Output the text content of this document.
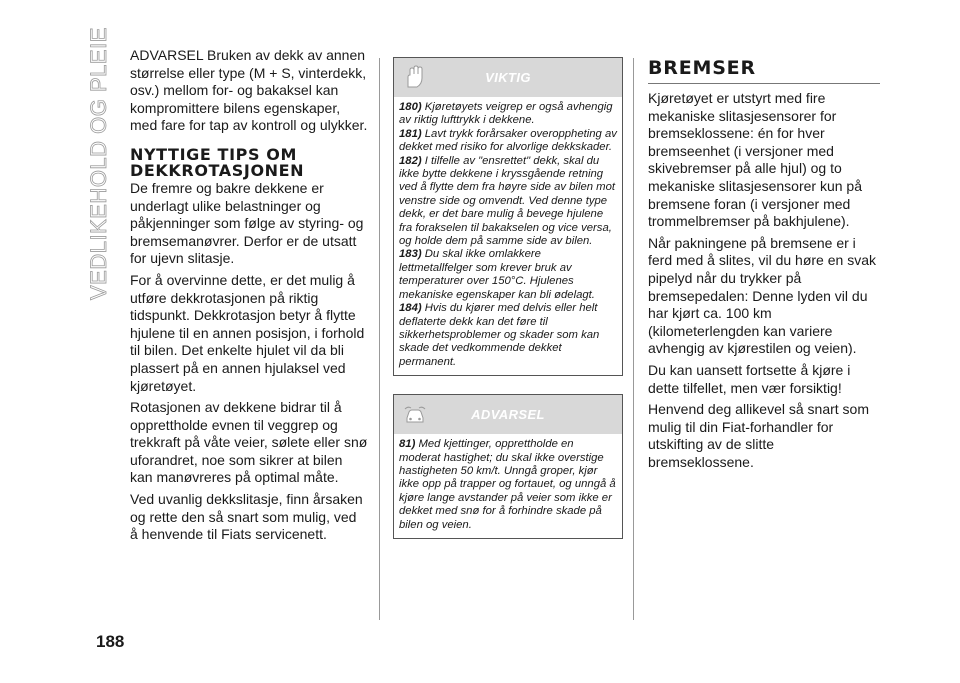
VEDLIKEHOLD OG PLEIE
188

ADVARSEL Bruken av dekk av annen størrelse eller type (M + S, vinterdekk, osv.) mellom for- og bakaksel kan kompromittere bilens egenskaper, med fare for tap av kontroll og ulykker.

NYTTIGE TIPS OM DEKKROTASJONEN

De fremre og bakre dekkene er underlagt ulike belastninger og påkjenninger som følge av styring- og bremsemanøvrer. Derfor er de utsatt for ujevn slitasje.

For å overvinne dette, er det mulig å utføre dekkrotasjonen på riktig tidspunkt. Dekkrotasjon betyr å flytte hjulene til en annen posisjon, i forhold til bilen. Det enkelte hjulet vil da bli plassert på en annen hjulaksel ved kjøretøyet.

Rotasjonen av dekkene bidrar til å opprettholde evnen til veggrep og trekkraft på våte veier, sølete eller snø uforandret, noe som sikrer at bilen kan manøvreres på optimal måte.

Ved uvanlig dekkslitasje, finn årsaken og rette den så snart som mulig, ved å henvende til Fiats servicenett.

VIKTIG

180) Kjøretøyets veigrep er også avhengig av riktig lufttrykk i dekkene.

181) Lavt trykk forårsaker overoppheting av dekket med risiko for alvorlige dekkskader.

182) I tilfelle av "ensrettet" dekk, skal du ikke bytte dekkene i kryssgående retning ved å flytte dem fra høyre side av bilen mot venstre side og omvendt. Ved denne type dekk, er det bare mulig å bevege hjulene fra forakselen til bakakselen og vice versa, og holde dem på samme side av bilen.

183) Du skal ikke omlakkere lettmetallfelger som krever bruk av temperaturer over 150°C. Hjulenes mekaniske egenskaper kan bli ødelagt.

184) Hvis du kjører med delvis eller helt deflaterte dekk kan det føre til sikkerhetsproblemer og skader som kan skade det vedkommende dekket permanent.

ADVARSEL

81) Med kjettinger, opprettholde en moderat hastighet; du skal ikke overstige hastigheten 50 km/t. Unngå groper, kjør ikke opp på trapper og fortauet, og unngå å kjøre lange avstander på veier som ikke er dekket med snø for å forhindre skade på bilen og veien.

BREMSER

Kjøretøyet er utstyrt med fire mekaniske slitasjesensorer for bremseklossene: én for hver bremseenhet (i versjoner med skivebremser på alle hjul) og to mekaniske slitasjesensorer kun på bremsene foran (i versjoner med trommelbremser på bakhjulene).

Når pakningene på bremsene er i ferd med å slites, vil du høre en svak pipelyd når du trykker på bremsepedalen: Denne lyden vil du har kjørt ca. 100 km (kilometerlengden kan variere avhengig av kjørestilen og veien).

Du kan uansett fortsette å kjøre i dette tilfellet, men vær forsiktig!

Henvend deg allikevel så snart som mulig til din Fiat-forhandler for utskifting av de slitte bremseklossene.
